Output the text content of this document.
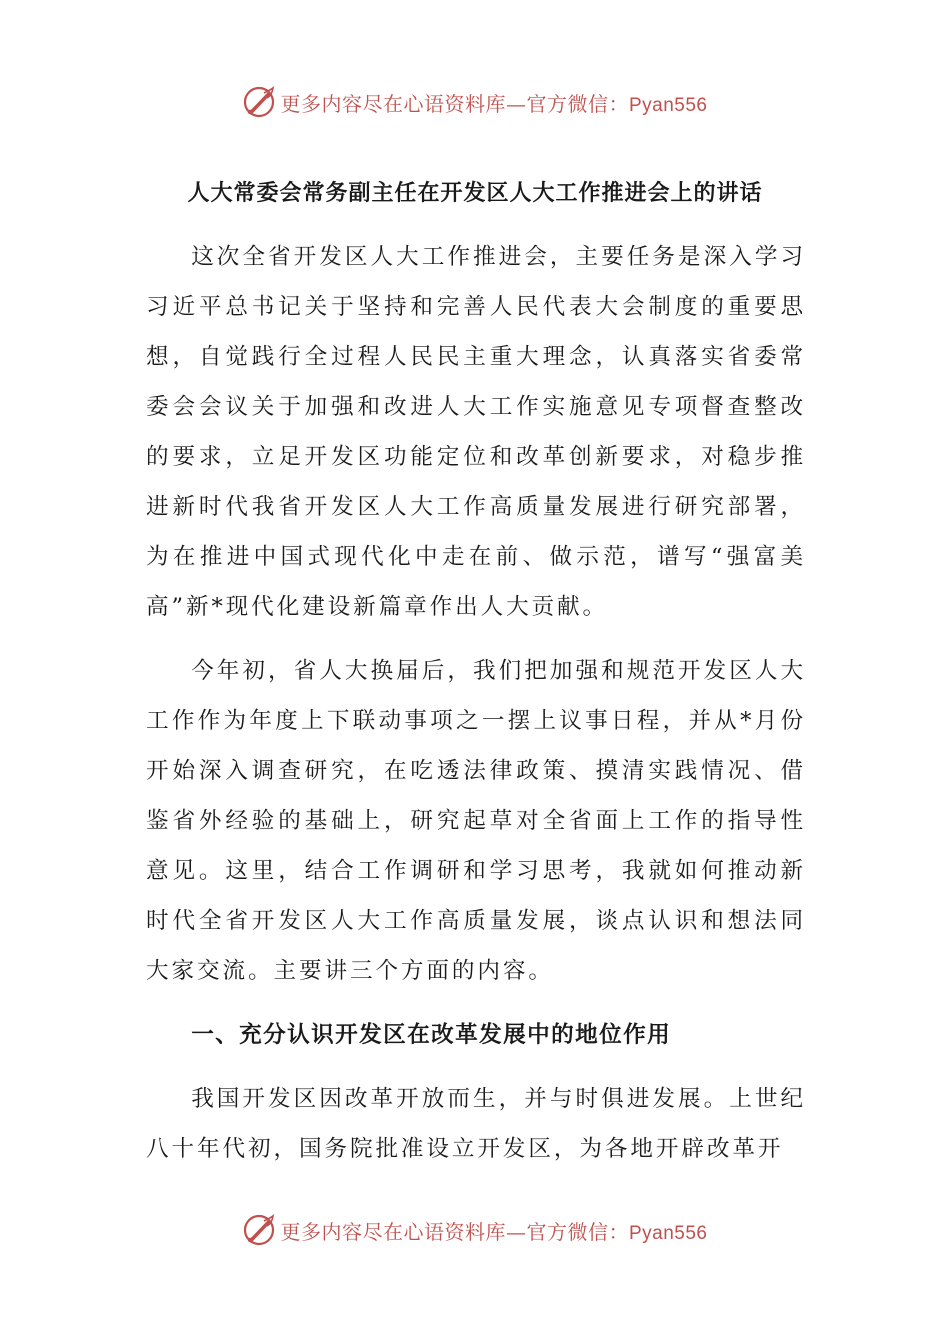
更多内容尽在心语资料库—官方微信：Pyan556
人大常委会常务副主任在开发区人大工作推进会上的讲话

这次全省开发区人大工作推进会，主要任务是深入学习习近平总书记关于坚持和完善人民代表大会制度的重要思想，自觉践行全过程人民民主重大理念，认真落实省委常委会会议关于加强和改进人大工作实施意见专项督查整改的要求，立足开发区功能定位和改革创新要求，对稳步推进新时代我省开发区人大工作高质量发展进行研究部署，为在推进中国式现代化中走在前、做示范，谱写“强富美高”新*现代化建设新篇章作出人大贡献。

今年初，省人大换届后，我们把加强和规范开发区人大工作作为年度上下联动事项之一摆上议事日程，并从*月份开始深入调查研究，在吃透法律政策、摸清实践情况、借鉴省外经验的基础上，研究起草对全省面上工作的指导性意见。这里，结合工作调研和学习思考，我就如何推动新时代全省开发区人大工作高质量发展，谈点认识和想法同大家交流。主要讲三个方面的内容。

一、充分认识开发区在改革发展中的地位作用

我国开发区因改革开放而生，并与时俱进发展。上世纪八十年代初，国务院批准设立开发区，为各地开辟改革开

更多内容尽在心语资料库—官方微信：Pyan556
